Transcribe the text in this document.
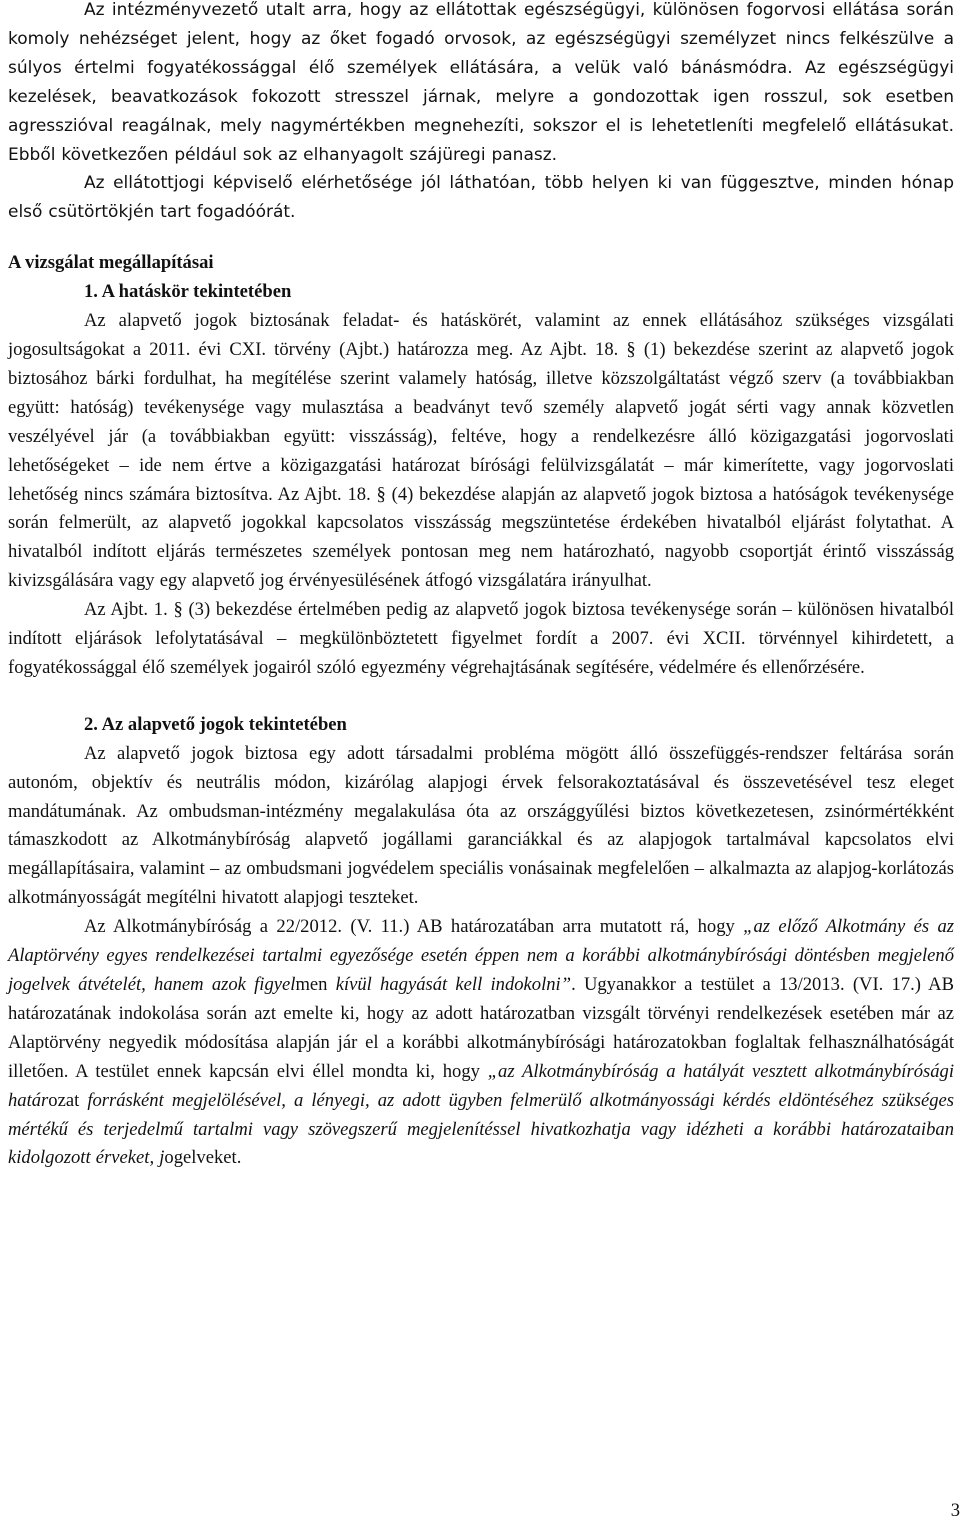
Az intézményvezető utalt arra, hogy az ellátottak egészségügyi, különösen fogorvosi ellátása során komoly nehézséget jelent, hogy az őket fogadó orvosok, az egészségügyi személyzet nincs felkészülve a súlyos értelmi fogyatékossággal élő személyek ellátására, a velük való bánásmódra. Az egészségügyi kezelések, beavatkozások fokozott stresszel járnak, melyre a gondozottak igen rosszul, sok esetben agresszióval reagálnak, mely nagymértékben megnehezíti, sokszor el is lehetetleníti megfelelő ellátásukat. Ebből következően például sok az elhanyagolt szájüregi panasz.

Az ellátottjogi képviselő elérhetősége jól láthatóan, több helyen ki van függesztve, minden hónap első csütörtökjén tart fogadóórát.

A vizsgálat megállapításai

1. A hatáskör tekintetében

Az alapvető jogok biztosának feladat- és hatáskörét, valamint az ennek ellátásához szükséges vizsgálati jogosultságokat a 2011. évi CXI. törvény (Ajbt.) határozza meg. Az Ajbt. 18. § (1) bekezdése szerint az alapvető jogok biztosához bárki fordulhat, ha megítélése szerint valamely hatóság, illetve közszolgáltatást végző szerv (a továbbiakban együtt: hatóság) tevékenysége vagy mulasztása a beadványt tevő személy alapvető jogát sérti vagy annak közvetlen veszélyével jár (a továbbiakban együtt: visszásság), feltéve, hogy a rendelkezésre álló közigazgatási jogorvoslati lehetőségeket – ide nem értve a közigazgatási határozat bírósági felülvizsgálatát – már kimerítette, vagy jogorvoslati lehetőség nincs számára biztosítva. Az Ajbt. 18. § (4) bekezdése alapján az alapvető jogok biztosa a hatóságok tevékenysége során felmerült, az alapvető jogokkal kapcsolatos visszásság megszüntetése érdekében hivatalból eljárást folytathat. A hivatalból indított eljárás természetes személyek pontosan meg nem határozható, nagyobb csoportját érintő visszásság kivizsgálására vagy egy alapvető jog érvényesülésének átfogó vizsgálatára irányulhat.

Az Ajbt. 1. § (3) bekezdése értelmében pedig az alapvető jogok biztosa tevékenysége során – különösen hivatalból indított eljárások lefolytatásával – megkülönböztetett figyelmet fordít a 2007. évi XCII. törvénnyel kihirdetett, a fogyatékossággal élő személyek jogairól szóló egyezmény végrehajtásának segítésére, védelmére és ellenőrzésére.

2. Az alapvető jogok tekintetében

Az alapvető jogok biztosa egy adott társadalmi probléma mögött álló összefüggés-rendszer feltárása során autonóm, objektív és neutrális módon, kizárólag alapjogi érvek felsorakoztatásával és összevetésével tesz eleget mandátumának. Az ombudsman-intézmény megalakulása óta az országgyűlési biztos következetesen, zsinórmértékként támaszkodott az Alkotmánybíróság alapvető jogállami garanciákkal és az alapjogok tartalmával kapcsolatos elvi megállapításaira, valamint – az ombudsmani jogvédelem speciális vonásainak megfelelően – alkalmazta az alapjog-korlátozás alkotmányosságát megítélni hivatott alapjogi teszteket.

Az Alkotmánybíróság a 22/2012. (V. 11.) AB határozatában arra mutatott rá, hogy „az előző Alkotmány és az Alaptörvény egyes rendelkezései tartalmi egyezősége esetén éppen nem a korábbi alkotmánybírósági döntésben megjelenő jogelvek átvételét, hanem azok figyelmen kívül hagyását kell indokolni”. Ugyanakkor a testület a 13/2013. (VI. 17.) AB határozatának indokolása során azt emelte ki, hogy az adott határozatban vizsgált törvényi rendelkezések esetében már az Alaptörvény negyedik módosítása alapján jár el a korábbi alkotmánybírósági határozatokban foglaltak felhasználhatóságát illetően. A testület ennek kapcsán elvi éllel mondta ki, hogy „az Alkotmánybíróság a hatályát vesztett alkotmánybírósági határozat forrásként megjelölésével, a lényegi, az adott ügyben felmerülő alkotmányossági kérdés eldöntéséhez szükséges mértékű és terjedelmű tartalmi vagy szövegszerű megjelenítéssel hivatkozhatja vagy idézheti a korábbi határozataiban kidolgozott érveket, jogelveket.

3
